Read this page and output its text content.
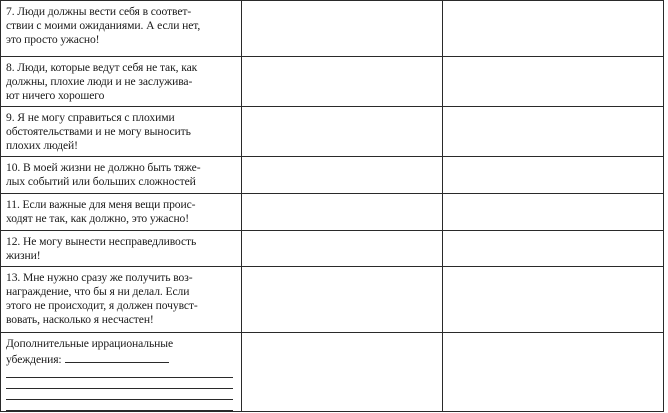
7. Люди должны вести себя в соответ-
ствии с моими ожиданиями. А если нет,
это просто ужасно!		

8. Люди, которые ведут себя не так, как
должны, плохие люди и не заслужива-
ют ничего хорошего		

9. Я не могу справиться с плохими
обстоятельствами и не могу выносить
плохих людей!		

10. В моей жизни не должно быть тяже-
лых событий или больших сложностей		

11. Если важные для меня вещи проис-
ходят не так, как должно, это ужасно!		

12. Не могу вынести несправедливость
жизни!		

13. Мне нужно сразу же получить воз-
награждение, что бы я ни делал. Если
этого не происходит, я должен почувст-
вовать, насколько я несчастен!		

Дополнительные иррациональные
убеждения:		
